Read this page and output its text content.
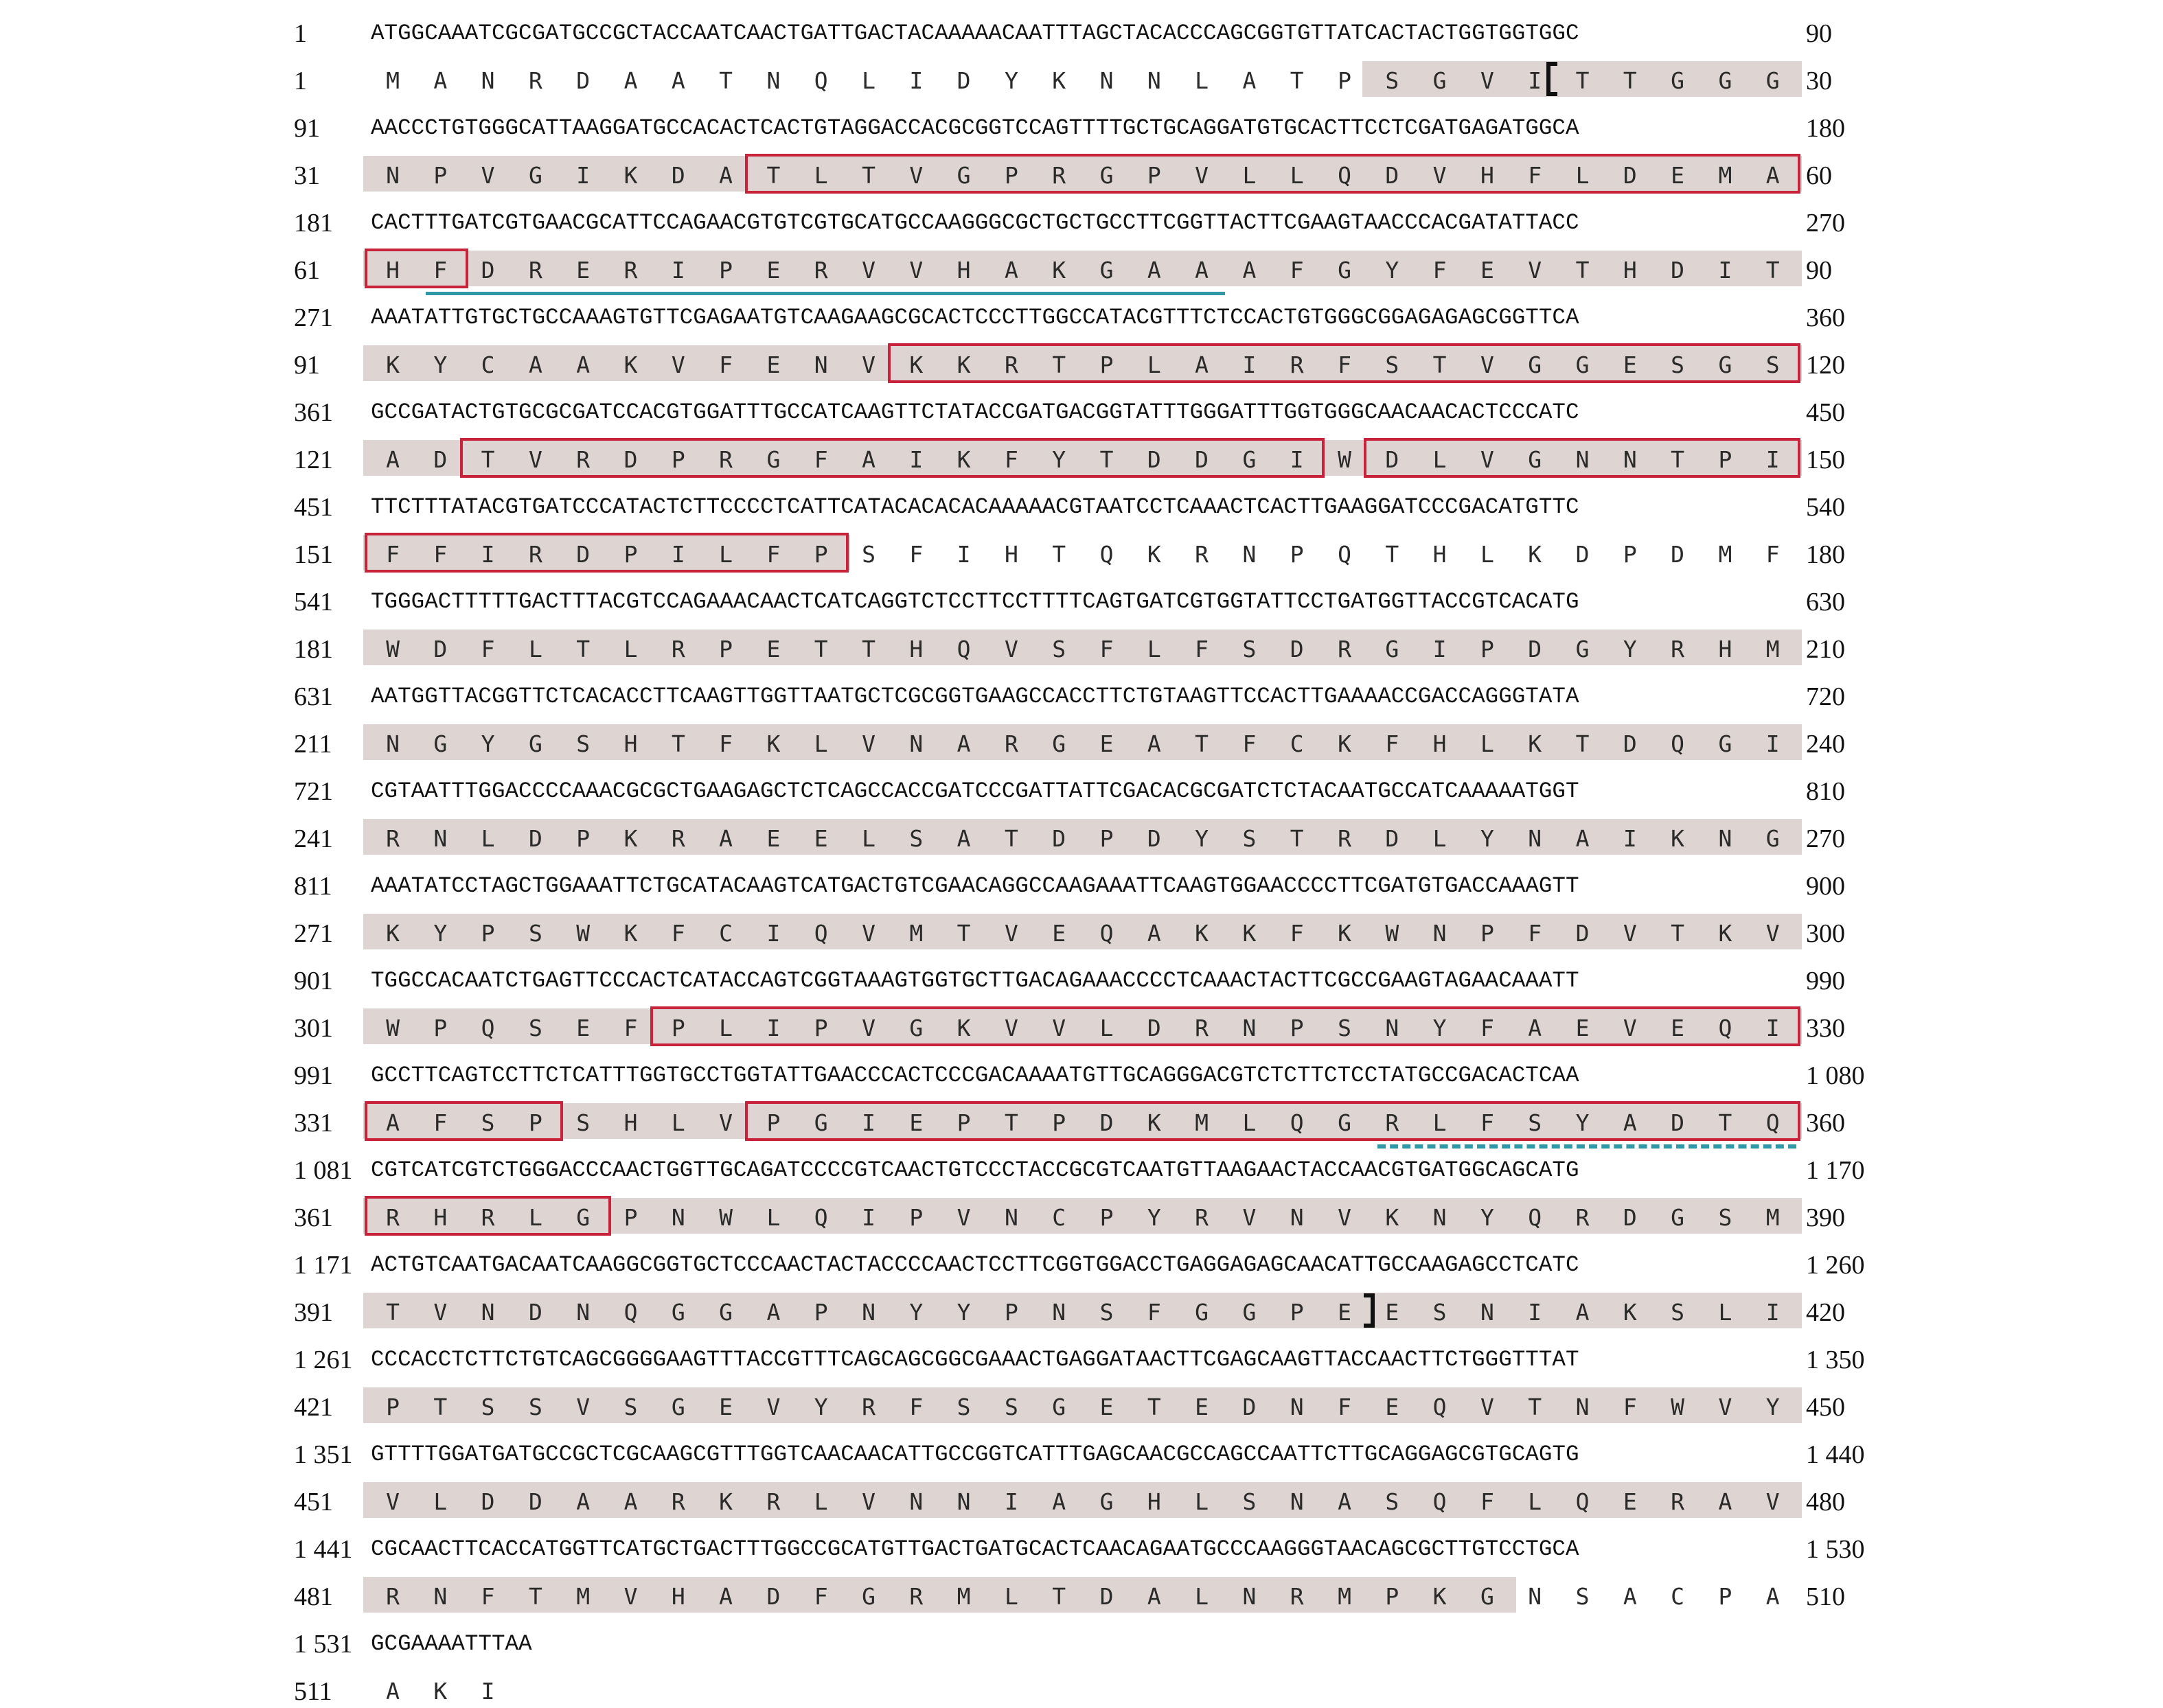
1	ATGGCAAATCGCGATGCCGCTACCAATCAACTGATTGACTACAAAAACAATTTAGCTACACCCAGCGGTGTTATCACTACTGGTGGTGGC	90
1	M	A	N	R	D	A	A	T	N	Q	L	I	D	Y	K	N	N	L	A	T	P	S	G	V	I	T	T	G	G	G	30
91 AACCCTGTGGGCATTAAGGATGCCACACTCACTGTAGGACCACGCGGTCCAGTTTTGCTGCAGGATGTGCACTTCCTCGATGAGATGGCA	180
31	N	P	V	G	I	K	D	A	T	L	T	V	G	P	R	G	P	V	L	L	Q	D	V	H	F	L	D	E	M	A	60
181 CACTTTGATCGTGAACGCATTCCAGAACGTGTCGTGCATGCCAAGGGCGCTGCTGCCTTCGGTTACTTCGAAGTAACCCACGATATTACC	270
61	H	F	D	R	E	R	I	P	E	R	V	V	H	A	K	G	A	A	A	F	G	Y	F	E	V	T	H	D	I	T	90
271 AAATATTGTGCTGCCAAAGTGTTCGAGAATGTCAAGAAGCGCACTCCCTTGGCCATACGTTTCTCCACTGTGGGCGGAGAGAGCGGTTCA	360
91	K	Y	C	A	A	K	V	F	E	N	V	K	K	R	T	P	L	A	I	R	F	S	T	V	G	G	E	S	G	S	120
361 GCCGATACTGTGCGCGATCCACGTGGATTTGCCATCAAGTTCTATACCGATGACGGTATTTGGGATTTGGTGGGCAACAACACTCCCATC	450
121	A	D	T	V	R	D	P	R	G	F	A	I	K	F	Y	T	D	D	G	I	W	D	L	V	G	N	N	T	P	I	150
451 TTCTTTATACGTGATCCCATACTCTTCCCCTCATTCATACACACACAAAAACGTAATCCTCAAACTCACTTGAAGGATCCCGACATGTTC	540
151	F	F	I	R	D	P	I	L	F	P	S	F	I	H	T	Q	K	R	N	P	Q	T	H	L	K	D	P	D	M	F	180
541 TGGGACTTTTTGACTTTACGTCCAGAAACAACTCATCAGGTCTCCTTCCTTTTCAGTGATCGTGGTATTCCTGATGGTTACCGTCACATG	630
181	W	D	F	L	T	L	R	P	E	T	T	H	Q	V	S	F	L	F	S	D	R	G	I	P	D	G	Y	R	H	M	210
631 AATGGTTACGGTTCTCACACCTTCAAGTTGGTTAATGCTCGCGGTGAAGCCACCTTCTGTAAGTTCCACTTGAAAACCGACCAGGGTATA	720
211	N	G	Y	G	S	H	T	F	K	L	V	N	A	R	G	E	A	T	F	C	K	F	H	L	K	T	D	Q	G	I	240
721 CGTAATTTGGACCCCAAACGCGCTGAAGAGCTCTCAGCCACCGATCCCGATTATTCGACACGCGATCTCTACAATGCCATCAAAAATGGT	810
241	R	N	L	D	P	K	R	A	E	E	L	S	A	T	D	P	D	Y	S	T	R	D	L	Y	N	A	I	K	N	G	270
811 AAATATCCTAGCTGGAAATTCTGCATACAAGTCATGACTGTCGAACAGGCCAAGAAATTCAAGTGGAACCCCTTCGATGTGACCAAAGTT	900
271	K	Y	P	S	W	K	F	C	I	Q	V	M	T	V	E	Q	A	K	K	F	K	W	N	P	F	D	V	T	K	V	300
901 TGGCCACAATCTGAGTTCCCACTCATACCAGTCGGTAAAGTGGTGCTTGACAGAAACCCCTCAAACTACTTCGCCGAAGTAGAACAAATT	990
301	W	P	Q	S	E	F	P	L	I	P	V	G	K	V	V	L	D	R	N	P	S	N	Y	F	A	E	V	E	Q	I	330
991 GCCTTCAGTCCTTCTCATTTGGTGCCTGGTATTGAACCCACTCCCGACAAAATGTTGCAGGGACGTCTCTTCTCCTATGCCGACACTCAA	1 080
331	A	F	S	P	S	H	L	V	P	G	I	E	P	T	P	D	K	M	L	Q	G	R	L	F	S	Y	A	D	T	Q	360
1 081 CGTCATCGTCTGGGACCCAACTGGTTGCAGATCCCCGTCAACTGTCCCTACCGCGTCAATGTTAAGAACTACCAACGTGATGGCAGCATG	1 170
361	R	H	R	L	G	P	N	W	L	Q	I	P	V	N	C	P	Y	R	V	N	V	K	N	Y	Q	R	D	G	S	M	390
1 171 ACTGTCAATGACAATCAAGGCGGTGCTCCCAACTACTACCCCAACTCCTTCGGTGGACCTGAGGAGAGCAACATTGCCAAGAGCCTCATC	1 260
391	T	V	N	D	N	Q	G	G	A	P	N	Y	Y	P	N	S	F	G	G	P	E	E	S	N	I	A	K	S	L	I	420
1 261 CCCACCTCTTCTGTCAGCGGGGAAGTTTACCGTTTCAGCAGCGGCGAAACTGAGGATAACTTCGAGCAAGTTACCAACTTCTGGGTTTAT	1 350
421	P	T	S	S	V	S	G	E	V	Y	R	F	S	S	G	E	T	E	D	N	F	E	Q	V	T	N	F	W	V	Y	450
1 351 GTTTTGGATGATGCCGCTCGCAAGCGTTTGGTCAACAACATTGCCGGTCATTTGAGCAACGCCAGCCAATTCTTGCAGGAGCGTGCAGTG	1 440
451	V	L	D	D	A	A	R	K	R	L	V	N	N	I	A	G	H	L	S	N	A	S	Q	F	L	Q	E	R	A	V	480
1 441 CGCAACTTCACCATGGTTCATGCTGACTTTGGCCGCATGTTGACTGATGCACTCAACAGAATGCCCAAGGGTAACAGCGCTTGTCCTGCA	1 530
481	R	N	F	T	M	V	H	A	D	F	G	R	M	L	T	D	A	L	N	R	M	P	K	G	N	S	A	C	P	A	510
1 531 GCGAAAATTTAA
511	A	K	I
